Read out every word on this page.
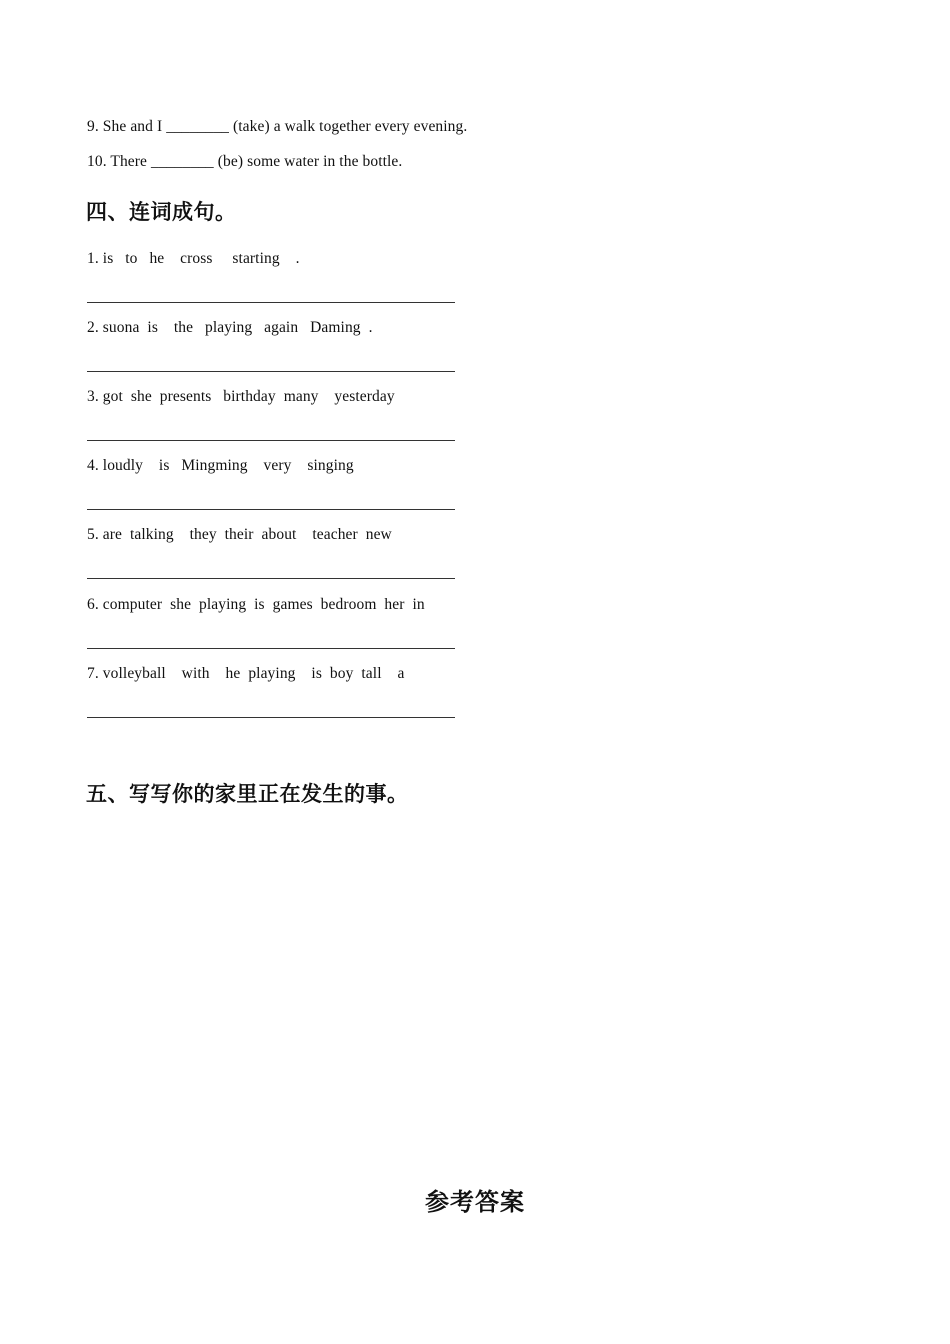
9. She and I ________ (take) a walk together every evening.
10. There ________ (be) some water in the bottle.
四、连词成句。
1. is   to   he    cross     starting    .
2. suona  is    the   playing   again   Daming  .
3. got  she  presents   birthday  many    yesterday
4. loudly    is   Mingming    very    singing
5. are  talking    they  their  about    teacher  new
6. computer  she  playing  is  games  bedroom  her  in
7. volleyball    with    he  playing    is  boy  tall    a
五、写写你的家里正在发生的事。
参考答案
